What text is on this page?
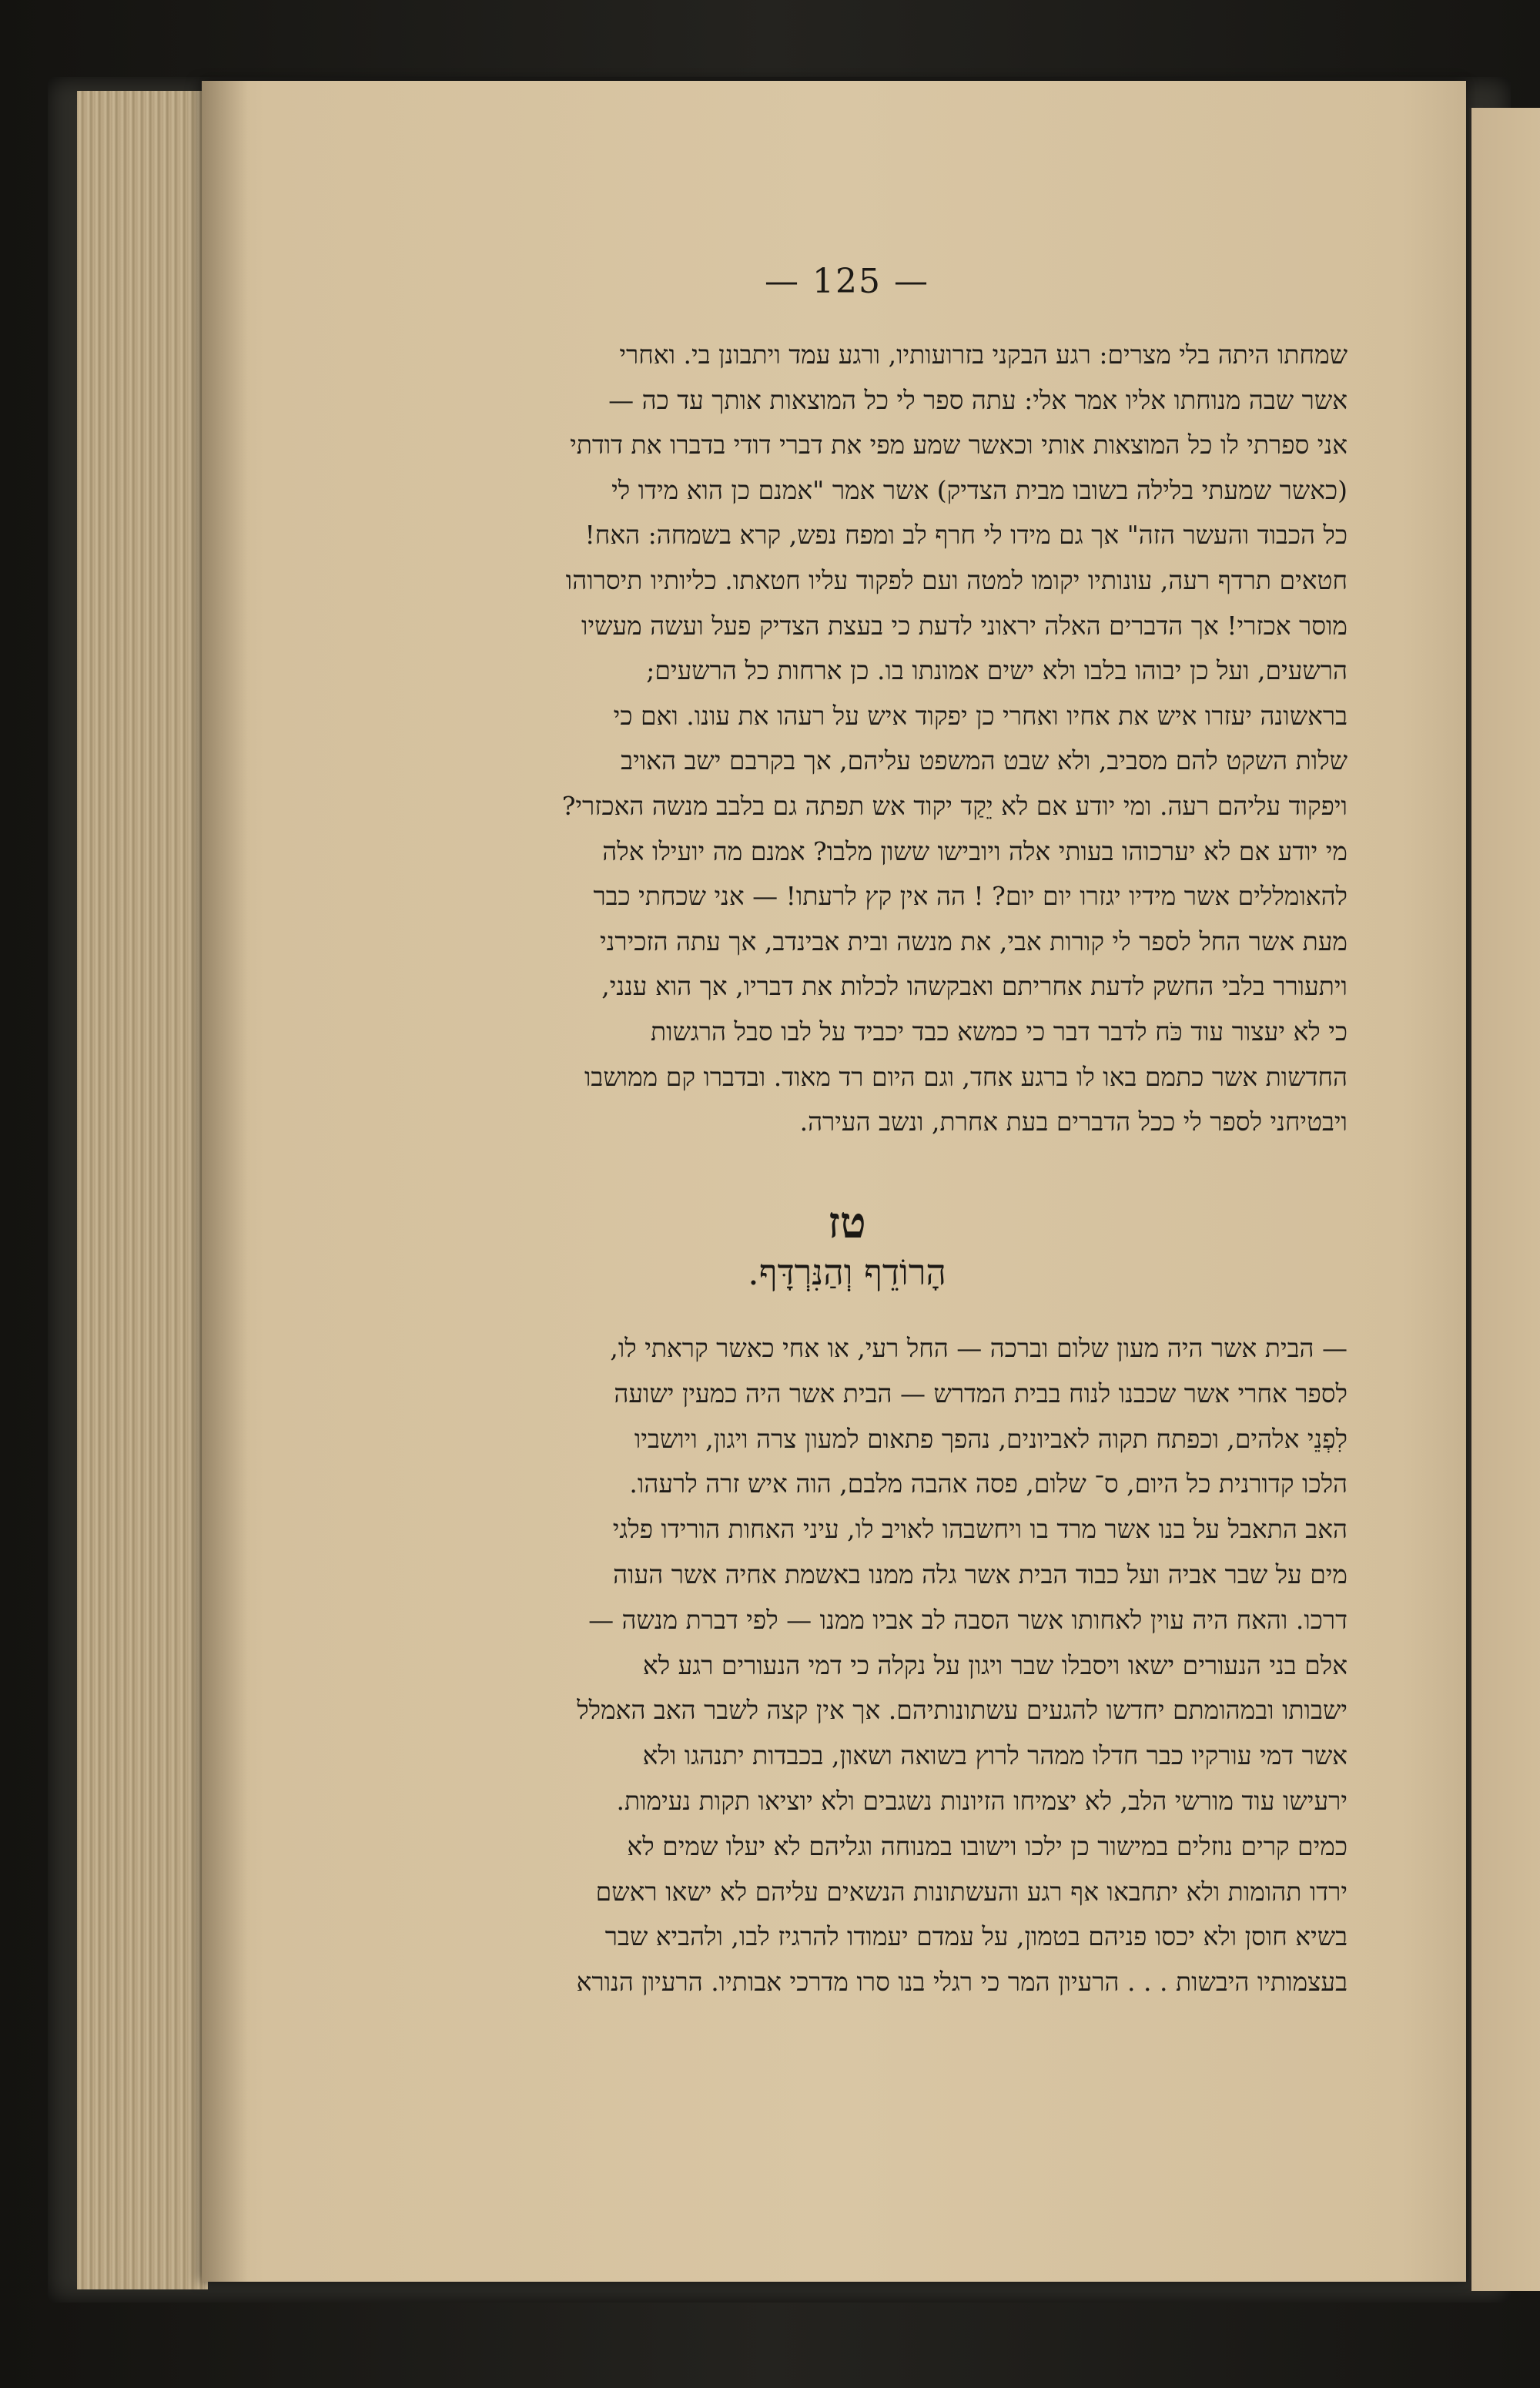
— 125 —

שמחתו היתה בלי מצרים: רגע הבקני בזרועותיו, ורגע עמד ויתבונן בי. ואחרי

אשר שבה מנוחתו אליו אמר אלי: עתה ספר לי כל המוצאות אותך עד כה —

אני ספרתי לו כל המוצאות אותי וכאשר שמע מפי את דברי דודי בדברו את דודתי

(כאשר שמעתי בלילה בשובו מבית הצדיק) אשר אמר "אמנם כן הוא מידו לי

כל הכבוד והעשר הזה" אך גם מידו לי חרף לב ומפח נפש, קרא בשמחה: האח!

חטאים תרדף רעה, עונותיו יקומו למטה ועם לפקוד עליו חטאתו. כליותיו תיסרוהו

מוסר אכזרי! אך הדברים האלה יראוני לדעת כי בעצת הצדיק פעל ועשה מעשיו

הרשעים, ועל כן יבוהו בלבו ולא ישים אמונתו בו. כן ארחות כל הרשעים;

בראשונה יעזרו איש את אחיו ואחרי כן יפקוד איש על רעהו את עונו. ואם כי

שלות השקט להם מסביב, ולא שבט המשפט עליהם, אך בקרבם ישב האויב

ויפקוד עליהם רעה. ומי יודע אם לא יֵקַד יקוד אש תפתה גם בלבב מנשה האכזרי?

מי יודע אם לא יערכוהו בעותי אלה ויובישו ששון מלבו? אמנם מה יועילו אלה

להאומללים אשר מידיו יגזרו יום יום? ! הה אין קץ לרעתו! — אני שכחתי כבר

מעת אשר החל לספר לי קורות אבי, את מנשה ובית אבינדב, אך עתה הזכירני

ויתעורר בלבי החשק לדעת אחריתם ואבקשהו לכלות את דבריו, אך הוא ענני,

כי לא יעצור עוד כֹּח לדבר דבר כי כמשא כבד יכביד על לבו סבל הרגשות

החדשות אשר כתמם באו לו ברגע אחד, וגם היום רד מאוד. ובדברו קם ממושבו

ויבטיחני לספר לי ככל הדברים בעת אחרת, ונשב העירה.

טז
הָרוֹדֵף וְהַנִּרְדָּף.

— הבית אשר היה מעון שלום וברכה — החל רעי, או אחי כאשר קראתי לו,

לספר אחרי אשר שכבנו לנוח בבית המדרש — הבית אשר היה כמעין ישועה

לִפְנֵי אלהים, וכפתח תקוה לאביונים, נהפך פתאום למעון צרה ויגון, ויושביו

הלכו קדורנית כל היום, ס־ שלום, פסה אהבה מלבם, הוה איש זרה לרעהו.

האב התאבל על בנו אשר מרד בו ויחשבהו לאויב לו, עיני האחות הורידו פלגי

מים על שבר אביה ועל כבוד הבית אשר גלה ממנו באשמת אחיה אשר העוה

דרכו. והאח היה עוין לאחותו אשר הסבה לב אביו ממנו — לפי דברת מנשה —

אלם בני הנעורים ישאו ויסבלו שבר ויגון על נקלה כי דמי הנעורים רגע לא

ישבותו ובמהומתם יחדשו להגעים עשתונותיהם. אך אין קצה לשבר האב האמלל

אשר דמי עורקיו כבר חדלו ממהר לרוץ בשואה ושאון, בכבדות יתנהגו ולא

ירעישו עוד מורשי הלב, לא יצמיחו הזיונות נשגבים ולא יוציאו תקות נעימות.

כמים קרים נוזלים במישור כן ילכו וישובו במנוחה וגליהם לא יעלו שמים לא

ירדו תהומות ולא יתחבאו אף רגע והעשתונות הנשאים עליהם לא ישאו ראשם

בשיא חוסן ולא יכסו פניהם בטמון, על עמדם יעמודו להרגיז לבו, ולהביא שבר

בעצמותיו היבשות . . . הרעיון המר כי רגלי בנו סרו מדרכי אבותיו. הרעיון הנורא
